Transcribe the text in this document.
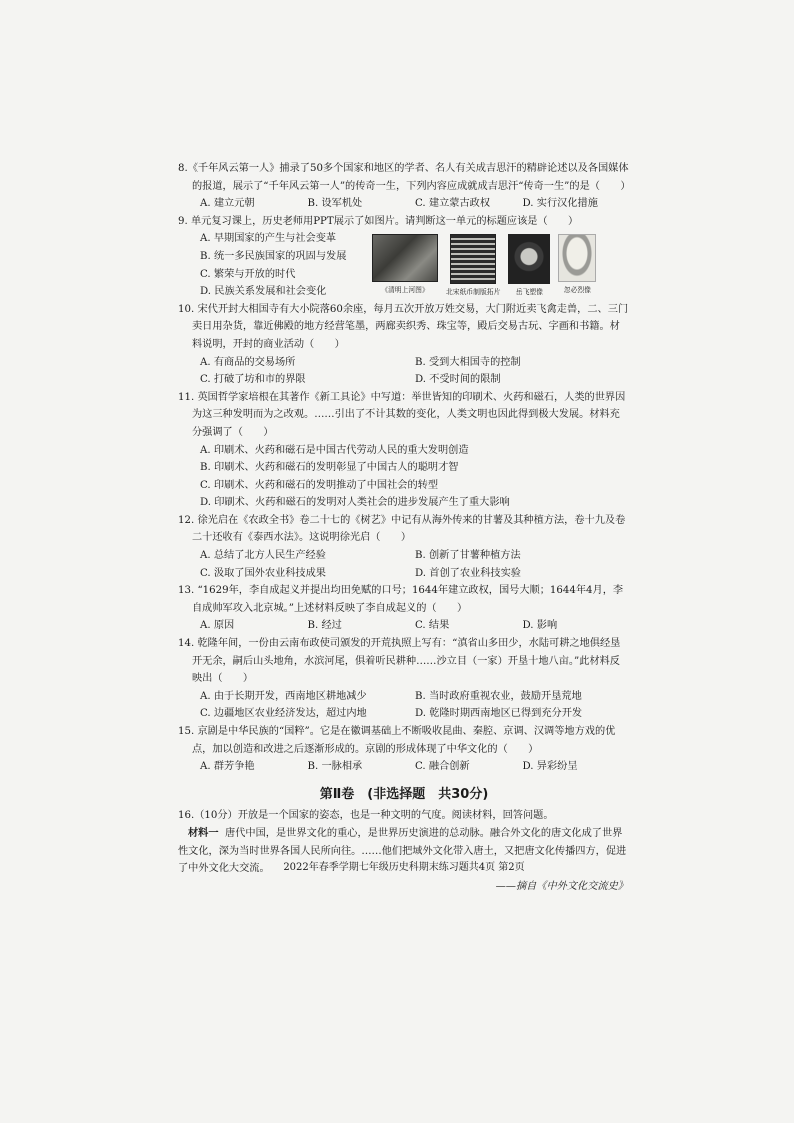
8.《千年风云第一人》捕录了50多个国家和地区的学者、名人有关成吉思汗的精辟论述以及各国媒体的报道，展示了“千年风云第一人”的传奇一生，下列内容应成就成吉思汗“传奇一生”的是（　　）
A. 建立元朝	B. 设军机处	C. 建立蒙古政权	D. 实行汉化措施
9. 单元复习课上，历史老师用PPT展示了如图片。请判断这一单元的标题应该是（　　）
A. 早期国家的产生与社会变革
B. 统一多民族国家的巩固与发展
C. 繁荣与开放的时代
D. 民族关系发展和社会变化	《清明上河图》	北宋纸币制版拓片 岳飞塑像	忽必烈像
10. 宋代开封大相国寺有大小院落60余座，每月五次开放万姓交易，大门附近卖飞禽走兽，二、三门卖日用杂货，靠近佛殿的地方经营笔墨，两廊卖织秀、珠宝等，殿后交易古玩、字画和书籍。材料说明，开封的商业活动（　　）
A. 有商品的交易场所	B. 受到大相国寺的控制
C. 打破了坊和市的界限	D. 不受时间的限制
11. 英国哲学家培根在其著作《新工具论》中写道：举世皆知的印刷术、火药和磁石，人类的世界因为这三种发明而为之改观。……引出了不计其数的变化，人类文明也因此得到极大发展。材料充分强调了（　　）
A. 印刷术、火药和磁石是中国古代劳动人民的重大发明创造
B. 印刷术、火药和磁石的发明彰显了中国古人的聪明才智
C. 印刷术、火药和磁石的发明推动了中国社会的转型
D. 印刷术、火药和磁石的发明对人类社会的进步发展产生了重大影响
12. 徐光启在《农政全书》卷二十七的《树艺》中记有从海外传来的甘薯及其种植方法，卷十九及卷二十还收有《泰西水法》。这说明徐光启（　　）
A. 总结了北方人民生产经验	B. 创新了甘薯种植方法
C. 汲取了国外农业科技成果	D. 首创了农业科技实验
13. “1629年，李自成起义并提出均田免赋的口号；1644年建立政权，国号大顺；1644年4月，李自成帅军攻入北京城。”上述材料反映了李自成起义的（　　）
A. 原因	B. 经过	C. 结果	D. 影响
14. 乾隆年间，一份由云南布政使司颁发的开荒执照上写有：“滇省山多田少，水陆可耕之地俱经垦开无余，嗣后山头地角，水滨河尾，俱着听民耕种……沙立目（一家）开垦十地八亩。”此材料反映出（　　）
A. 由于长期开发，西南地区耕地减少	B. 当时政府重视农业，鼓励开垦荒地
C. 边疆地区农业经济发达，超过内地	D. 乾隆时期西南地区已得到充分开发
15. 京剧是中华民族的“国粹”。它是在徽调基础上不断吸收昆曲、秦腔、京调、汉调等地方戏的优点，加以创造和改进之后逐渐形成的。京剧的形成体现了中华文化的（　　）
A. 群芳争艳	B. 一脉相承	C. 融合创新	D. 异彩纷呈
第Ⅱ卷　(非选择题　共30分)
16.（10分）开放是一个国家的姿态，也是一种文明的气度。阅读材料，回答问题。
材料一 唐代中国，是世界文化的重心，是世界历史演进的总动脉。融合外文化的唐文化成了世界性文化，深为当时世界各国人民所向往。……他们把域外文化带入唐土，又把唐文化传播四方，促进了中外文化大交流。
——摘自《中外文化交流史》
2022年春季学期七年级历史科期末练习题共4页 第2页
